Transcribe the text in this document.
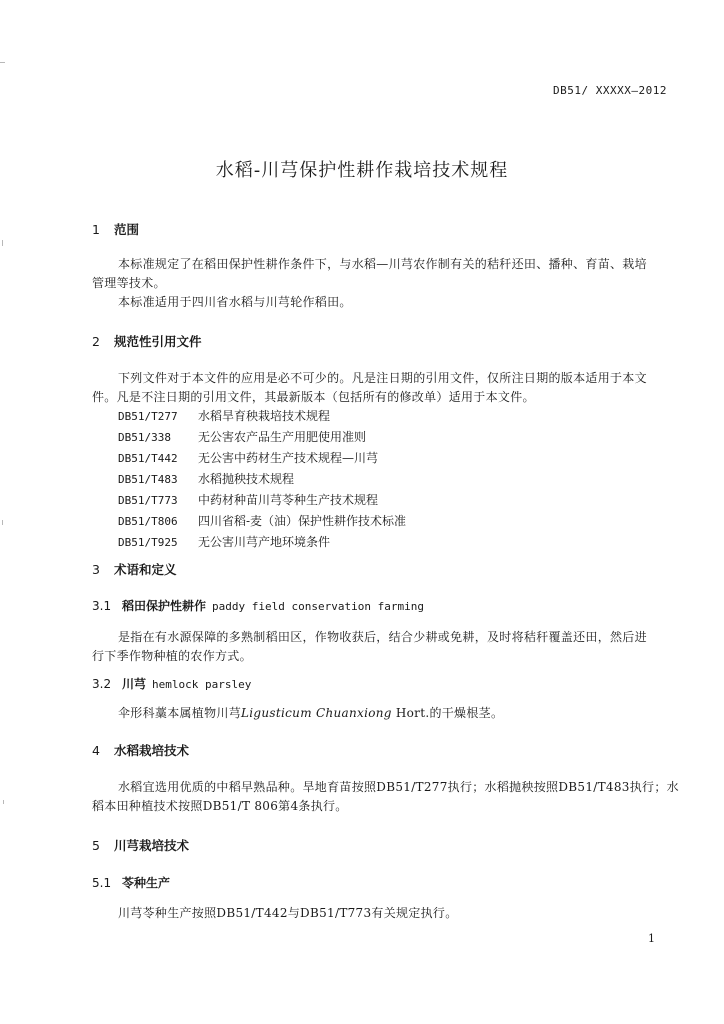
DB51/ XXXXX—2012
水稻-川芎保护性耕作栽培技术规程
1 范围
本标准规定了在稻田保护性耕作条件下，与水稻—川芎农作制有关的秸秆还田、播种、育苗、栽培
管理等技术。
本标准适用于四川省水稻与川芎轮作稻田。
2 规范性引用文件
下列文件对于本文件的应用是必不可少的。凡是注日期的引用文件，仅所注日期的版本适用于本文
件。凡是不注日期的引用文件，其最新版本（包括所有的修改单）适用于本文件。
DB51/T277 水稻旱育秧栽培技术规程
DB51/338 无公害农产品生产用肥使用准则
DB51/T442 无公害中药材生产技术规程—川芎
DB51/T483 水稻抛秧技术规程
DB51/T773 中药材种苗川芎苓种生产技术规程
DB51/T806 四川省稻-麦（油）保护性耕作技术标准
DB51/T925 无公害川芎产地环境条件
3 术语和定义
3.1 稻田保护性耕作 paddy field conservation farming
是指在有水源保障的多熟制稻田区，作物收获后，结合少耕或免耕，及时将秸秆覆盖还田，然后进
行下季作物种植的农作方式。
3.2 川芎 hemlock parsley
伞形科藁本属植物川芎Ligusticum Chuanxiong Hort.的干燥根茎。
4 水稻栽培技术
水稻宜选用优质的中稻早熟品种。旱地育苗按照DB51/T277执行；水稻抛秧按照DB51/T483执行；水
稻本田种植技术按照DB51/T 806第4条执行。
5 川芎栽培技术
5.1 苓种生产
川芎苓种生产按照DB51/T442与DB51/T773有关规定执行。
1
